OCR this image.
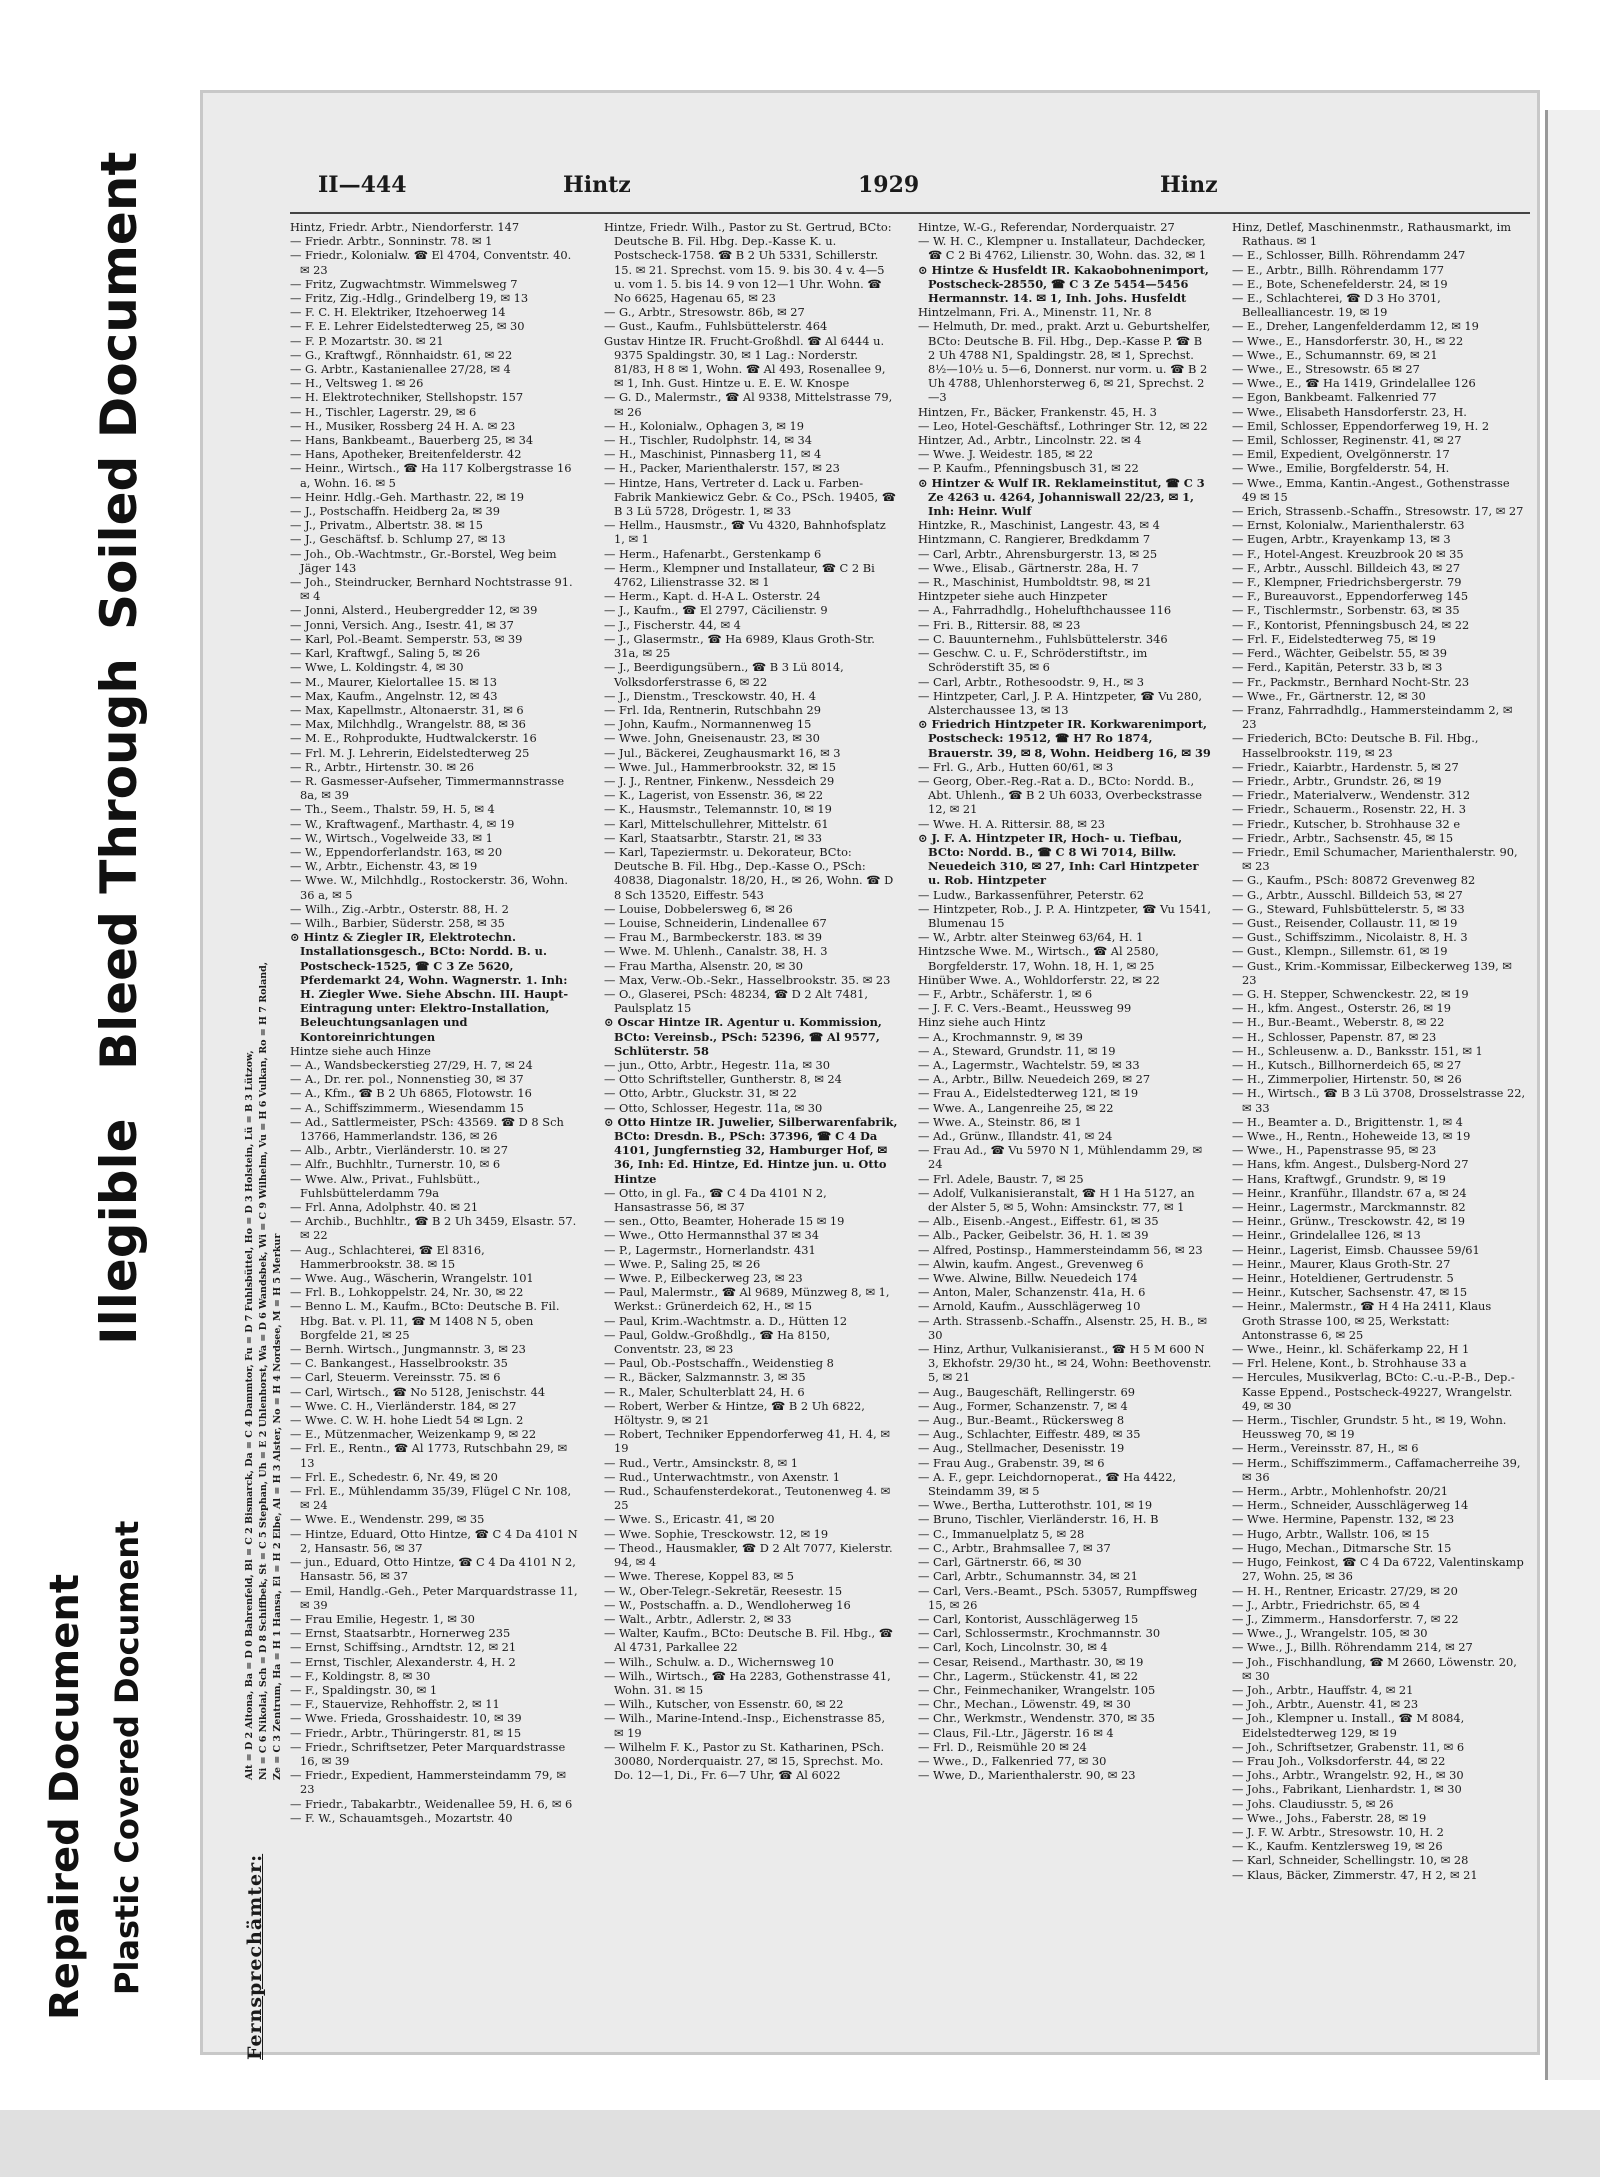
Repaired Document Plastic Covered Document
Illegible
Bleed Through
Soiled Document	II—444	Hintz	1929	Hinz
Fernsprechämter:
Alt = D 2 Altona, Ba = D 0 Bahrenfeld, Bl = C 2 Bismarck, Da = C 4 Dammtor, Fu = D 7 Fuhlsbüttel, Ho = D 3 Holstein, Lü = B 3 Lützow, Ni = C 6 Nikolai, Sch = D 8 Schiffbek, St = C 5 Stephan, Uh = E 2 Uhlenhorst, Wa = D 6 Wandsbek, Wi = C 9 Wilhelm, Vu = H 6 Vulkan, Ro = H 7 Roland, Ze = C 3 Zentrum, Ha = H 1 Hansa, El = H 2 Elbe, Al = H 3 Alster, No = H 4 Nordsee, M = H 5 Merkur

Hintz, Friedr. Arbtr., Niendorferstr. 147

— Friedr. Arbtr., Sonninstr. 78. ✉ 1

— Friedr., Kolonialw. ☎ El 4704, Conventstr. 40. ✉ 23

— Fritz, Zugwachtmstr. Wimmelsweg 7

— Fritz, Zig.-Hdlg., Grindelberg 19, ✉ 13

— F. C. H. Elektriker, Itzehoerweg 14

— F. E. Lehrer Eidelstedterweg 25, ✉ 30

— F. P. Mozartstr. 30. ✉ 21

— G., Kraftwgf., Rönnhaidstr. 61, ✉ 22

— G. Arbtr., Kastanienallee 27/28, ✉ 4

— H., Veltsweg 1. ✉ 26

— H. Elektrotechniker, Stellshopstr. 157

— H., Tischler, Lagerstr. 29, ✉ 6

— H., Musiker, Rossberg 24 H. A. ✉ 23

— Hans, Bankbeamt., Bauerberg 25, ✉ 34

— Hans, Apotheker, Breitenfelderstr. 42

— Heinr., Wirtsch., ☎ Ha 117 Kolbergstrasse 16 a, Wohn. 16. ✉ 5

— Heinr. Hdlg.-Geh. Marthastr. 22, ✉ 19

— J., Postschaffn. Heidberg 2a, ✉ 39

— J., Privatm., Albertstr. 38. ✉ 15

— J., Geschäftsf. b. Schlump 27, ✉ 13

— Joh., Ob.-Wachtmstr., Gr.-Borstel, Weg beim Jäger 143

— Joh., Steindrucker, Bernhard Nochtstrasse 91. ✉ 4

— Jonni, Alsterd., Heubergredder 12, ✉ 39

— Jonni, Versich. Ang., Isestr. 41, ✉ 37

— Karl, Pol.-Beamt. Semperstr. 53, ✉ 39

— Karl, Kraftwgf., Saling 5, ✉ 26

— Wwe, L. Koldingstr. 4, ✉ 30

— M., Maurer, Kielortallee 15. ✉ 13

— Max, Kaufm., Angelnstr. 12, ✉ 43

— Max, Kapellmstr., Altonaerstr. 31, ✉ 6

— Max, Milchhdlg., Wrangelstr. 88, ✉ 36

— M. E., Rohprodukte, Hudtwalckerstr. 16

— Frl. M. J. Lehrerin, Eidelstedterweg 25

— R., Arbtr., Hirtenstr. 30. ✉ 26

— R. Gasmesser-Aufseher, Timmermannstrasse 8a, ✉ 39

— Th., Seem., Thalstr. 59, H. 5, ✉ 4

— W., Kraftwagenf., Marthastr. 4, ✉ 19

— W., Wirtsch., Vogelweide 33, ✉ 1

— W., Eppendorferlandstr. 163, ✉ 20

— W., Arbtr., Eichenstr. 43, ✉ 19

— Wwe. W., Milchhdlg., Rostockerstr. 36, Wohn. 36 a, ✉ 5

— Wilh., Zig.-Arbtr., Osterstr. 88, H. 2

— Wilh., Barbier, Süderstr. 258, ✉ 35

⊙ Hintz & Ziegler IR, Elektrotechn. Installationsgesch., BCto: Nordd. B. u. Postscheck-1525, ☎ C 3 Ze 5620, Pferdemarkt 24, Wohn. Wagnerstr. 1. Inh: H. Ziegler Wwe. Siehe Abschn. III. Haupt-Eintragung unter: Elektro-Installation, Beleuchtungsanlagen und Kontoreinrichtungen

Hintze siehe auch Hinze

— A., Wandsbeckerstieg 27/29, H. 7, ✉ 24

— A., Dr. rer. pol., Nonnenstieg 30, ✉ 37

— A., Kfm., ☎ B 2 Uh 6865, Flotowstr. 16

— A., Schiffszimmerm., Wiesendamm 15

— Ad., Sattlermeister, PSch: 43569. ☎ D 8 Sch 13766, Hammerlandstr. 136, ✉ 26

— Alb., Arbtr., Vierländerstr. 10. ✉ 27

— Alfr., Buchhltr., Turnerstr. 10, ✉ 6

— Wwe. Alw., Privat., Fuhlsbütt., Fuhlsbüttelerdamm 79a

— Frl. Anna, Adolphstr. 40. ✉ 21

— Archib., Buchhltr., ☎ B 2 Uh 3459, Elsastr. 57. ✉ 22

— Aug., Schlachterei, ☎ El 8316, Hammerbrookstr. 38. ✉ 15

— Wwe. Aug., Wäscherin, Wrangelstr. 101

— Frl. B., Lohkoppelstr. 24, Nr. 30, ✉ 22

— Benno L. M., Kaufm., BCto: Deutsche B. Fil. Hbg. Bat. v. Pl. 11, ☎ M 1408 N 5, oben Borgfelde 21, ✉ 25

— Bernh. Wirtsch., Jungmannstr. 3, ✉ 23

— C. Bankangest., Hasselbrookstr. 35

— Carl, Steuerm. Vereinsstr. 75. ✉ 6

— Carl, Wirtsch., ☎ No 5128, Jenischstr. 44

— Wwe. C. H., Vierländerstr. 184, ✉ 27

— Wwe. C. W. H. hohe Liedt 54 ✉ Lgn. 2

— E., Mützenmacher, Weizenkamp 9, ✉ 22

— Frl. E., Rentn., ☎ Al 1773, Rutschbahn 29, ✉ 13

— Frl. E., Schedestr. 6, Nr. 49, ✉ 20

— Frl. E., Mühlendamm 35/39, Flügel C Nr. 108, ✉ 24

— Wwe. E., Wendenstr. 299, ✉ 35

— Hintze, Eduard, Otto Hintze, ☎ C 4 Da 4101 N 2, Hansastr. 56, ✉ 37

— jun., Eduard, Otto Hintze, ☎ C 4 Da 4101 N 2, Hansastr. 56, ✉ 37

— Emil, Handlg.-Geh., Peter Marquardstrasse 11, ✉ 39

— Frau Emilie, Hegestr. 1, ✉ 30

— Ernst, Staatsarbtr., Hornerweg 235

— Ernst, Schiffsing., Arndtstr. 12, ✉ 21

— Ernst, Tischler, Alexanderstr. 4, H. 2

— F., Koldingstr. 8, ✉ 30

— F., Spaldingstr. 30, ✉ 1

— F., Stauervize, Rehhoffstr. 2, ✉ 11

— Wwe. Frieda, Grosshaidestr. 10, ✉ 39

— Friedr., Arbtr., Thüringerstr. 81, ✉ 15

— Friedr., Schriftsetzer, Peter Marquardstrasse 16, ✉ 39

— Friedr., Expedient, Hammersteindamm 79, ✉ 23

— Friedr., Tabakarbtr., Weidenallee 59, H. 6, ✉ 6

— F. W., Schauamtsgeh., Mozartstr. 40

Hintze, Friedr. Wilh., Pastor zu St. Gertrud, BCto: Deutsche B. Fil. Hbg. Dep.-Kasse K. u. Postscheck-1758. ☎ B 2 Uh 5331, Schillerstr. 15. ✉ 21. Sprechst. vom 15. 9. bis 30. 4 v. 4—5 u. vom 1. 5. bis 14. 9 von 12—1 Uhr. Wohn. ☎ No 6625, Hagenau 65, ✉ 23

— G., Arbtr., Stresowstr. 86b, ✉ 27

— Gust., Kaufm., Fuhlsbüttelerstr. 464

Gustav Hintze IR. Frucht-Großhdl. ☎ Al 6444 u. 9375 Spaldingstr. 30, ✉ 1 Lag.: Norderstr. 81/83, H 8 ✉ 1, Wohn. ☎ Al 493, Rosenallee 9, ✉ 1, Inh. Gust. Hintze u. E. E. W. Knospe

— G. D., Malermstr., ☎ Al 9338, Mittelstrasse 79, ✉ 26

— H., Kolonialw., Ophagen 3, ✉ 19

— H., Tischler, Rudolphstr. 14, ✉ 34

— H., Maschinist, Pinnasberg 11, ✉ 4

— H., Packer, Marienthalerstr. 157, ✉ 23

— Hintze, Hans, Vertreter d. Lack u. Farben-Fabrik Mankiewicz Gebr. & Co., PSch. 19405, ☎ B 3 Lü 5728, Drögestr. 1, ✉ 33

— Hellm., Hausmstr., ☎ Vu 4320, Bahnhofsplatz 1, ✉ 1

— Herm., Hafenarbt., Gerstenkamp 6

— Herm., Klempner und Installateur, ☎ C 2 Bi 4762, Lilienstrasse 32. ✉ 1

— Herm., Kapt. d. H-A L. Osterstr. 24

— J., Kaufm., ☎ El 2797, Cäcilienstr. 9

— J., Fischerstr. 44, ✉ 4

— J., Glasermstr., ☎ Ha 6989, Klaus Groth-Str. 31a, ✉ 25

— J., Beerdigungsübern., ☎ B 3 Lü 8014, Volksdorferstrasse 6, ✉ 22

— J., Dienstm., Tresckowstr. 40, H. 4

— Frl. Ida, Rentnerin, Rutschbahn 29

— John, Kaufm., Normannenweg 15

— Wwe. John, Gneisenaustr. 23, ✉ 30

— Jul., Bäckerei, Zeughausmarkt 16, ✉ 3

— Wwe. Jul., Hammerbrookstr. 32, ✉ 15

— J. J., Rentner, Finkenw., Nessdeich 29

— K., Lagerist, von Essenstr. 36, ✉ 22

— K., Hausmstr., Telemannstr. 10, ✉ 19

— Karl, Mittelschullehrer, Mittelstr. 61

— Karl, Staatsarbtr., Starstr. 21, ✉ 33

— Karl, Tapeziermstr. u. Dekorateur, BCto: Deutsche B. Fil. Hbg., Dep.-Kasse O., PSch: 40838, Diagonalstr. 18/20, H., ✉ 26, Wohn. ☎ D 8 Sch 13520, Eiffestr. 543

— Louise, Dobbelersweg 6, ✉ 26

— Louise, Schneiderin, Lindenallee 67

— Frau M., Barmbeckerstr. 183. ✉ 39

— Wwe. M. Uhlenh., Canalstr. 38, H. 3

— Frau Martha, Alsenstr. 20, ✉ 30

— Max, Verw.-Ob.-Sekr., Hasselbrookstr. 35. ✉ 23

— O., Glaserei, PSch: 48234, ☎ D 2 Alt 7481, Paulsplatz 15

⊙ Oscar Hintze IR. Agentur u. Kommission, BCto: Vereinsb., PSch: 52396, ☎ Al 9577, Schlüterstr. 58

— jun., Otto, Arbtr., Hegestr. 11a, ✉ 30

— Otto Schriftsteller, Guntherstr. 8, ✉ 24

— Otto, Arbtr., Gluckstr. 31, ✉ 22

— Otto, Schlosser, Hegestr. 11a, ✉ 30

⊙ Otto Hintze IR. Juwelier, Silberwarenfabrik, BCto: Dresdn. B., PSch: 37396, ☎ C 4 Da 4101, Jungfernstieg 32, Hamburger Hof, ✉ 36, Inh: Ed. Hintze, Ed. Hintze jun. u. Otto Hintze

— Otto, in gl. Fa., ☎ C 4 Da 4101 N 2, Hansastrasse 56, ✉ 37

— sen., Otto, Beamter, Hoherade 15 ✉ 19

— Wwe., Otto Hermannsthal 37 ✉ 34

— P., Lagermstr., Hornerlandstr. 431

— Wwe. P., Saling 25, ✉ 26

— Wwe. P., Eilbeckerweg 23, ✉ 23

— Paul, Malermstr., ☎ Al 9689, Münzweg 8, ✉ 1, Werkst.: Grünerdeich 62, H., ✉ 15

— Paul, Krim.-Wachtmstr. a. D., Hütten 12

— Paul, Goldw.-Großhdlg., ☎ Ha 8150, Conventstr. 23, ✉ 23

— Paul, Ob.-Postschaffn., Weidenstieg 8

— R., Bäcker, Salzmannstr. 3, ✉ 35

— R., Maler, Schulterblatt 24, H. 6

— Robert, Werber & Hintze, ☎ B 2 Uh 6822, Höltystr. 9, ✉ 21

— Robert, Techniker Eppendorferweg 41, H. 4, ✉ 19

— Rud., Vertr., Amsinckstr. 8, ✉ 1

— Rud., Unterwachtmstr., von Axenstr. 1

— Rud., Schaufensterdekorat., Teutonenweg 4. ✉ 25

— Wwe. S., Ericastr. 41, ✉ 20

— Wwe. Sophie, Tresckowstr. 12, ✉ 19

— Theod., Hausmakler, ☎ D 2 Alt 7077, Kielerstr. 94, ✉ 4

— Wwe. Therese, Koppel 83, ✉ 5

— W., Ober-Telegr.-Sekretär, Reesestr. 15

— W., Postschaffn. a. D., Wendloherweg 16

— Walt., Arbtr., Adlerstr. 2, ✉ 33

— Walter, Kaufm., BCto: Deutsche B. Fil. Hbg., ☎ Al 4731, Parkallee 22

— Wilh., Schulw. a. D., Wichernsweg 10

— Wilh., Wirtsch., ☎ Ha 2283, Gothenstrasse 41, Wohn. 31. ✉ 15

— Wilh., Kutscher, von Essenstr. 60, ✉ 22

— Wilh., Marine-Intend.-Insp., Eichenstrasse 85, ✉ 19

— Wilhelm F. K., Pastor zu St. Katharinen, PSch. 30080, Norderquaistr. 27, ✉ 15, Sprechst. Mo. Do. 12—1, Di., Fr. 6—7 Uhr, ☎ Al 6022

Hintze, W.-G., Referendar, Norderquaistr. 27

— W. H. C., Klempner u. Installateur, Dachdecker, ☎ C 2 Bi 4762, Lilienstr. 30, Wohn. das. 32, ✉ 1

⊙ Hintze & Husfeldt IR. Kakaobohnenimport, Postscheck-28550, ☎ C 3 Ze 5454—5456 Hermannstr. 14. ✉ 1, Inh. Johs. Husfeldt

Hintzelmann, Fri. A., Minenstr. 11, Nr. 8

— Helmuth, Dr. med., prakt. Arzt u. Geburtshelfer, BCto: Deutsche B. Fil. Hbg., Dep.-Kasse P. ☎ B 2 Uh 4788 N1, Spaldingstr. 28, ✉ 1, Sprechst. 8½—10½ u. 5—6, Donnerst. nur vorm. u. ☎ B 2 Uh 4788, Uhlenhorsterweg 6, ✉ 21, Sprechst. 2—3

Hintzen, Fr., Bäcker, Frankenstr. 45, H. 3

— Leo, Hotel-Geschäftsf., Lothringer Str. 12, ✉ 22

Hintzer, Ad., Arbtr., Lincolnstr. 22. ✉ 4

— Wwe. J. Weidestr. 185, ✉ 22

— P. Kaufm., Pfenningsbusch 31, ✉ 22

⊙ Hintzer & Wulf IR. Reklameinstitut, ☎ C 3 Ze 4263 u. 4264, Johanniswall 22/23, ✉ 1, Inh: Heinr. Wulf

Hintzke, R., Maschinist, Langestr. 43, ✉ 4

Hintzmann, C. Rangierer, Bredkdamm 7

— Carl, Arbtr., Ahrensburgerstr. 13, ✉ 25

— Wwe., Elisab., Gärtnerstr. 28a, H. 7

— R., Maschinist, Humboldtstr. 98, ✉ 21

Hintzpeter siehe auch Hinzpeter

— A., Fahrradhdlg., Hohelufthchaussee 116

— Fri. B., Rittersir. 88, ✉ 23

— C. Bauunternehm., Fuhlsbüttelerstr. 346

— Geschw. C. u. F., Schröderstiftstr., im Schröderstift 35, ✉ 6

— Carl, Arbtr., Rothesoodstr. 9, H., ✉ 3

— Hintzpeter, Carl, J. P. A. Hintzpeter, ☎ Vu 280, Alsterchaussee 13, ✉ 13

⊙ Friedrich Hintzpeter IR. Korkwarenimport, Postscheck: 19512, ☎ H7 Ro 1874, Brauerstr. 39, ✉ 8, Wohn. Heidberg 16, ✉ 39

— Frl. G., Arb., Hutten 60/61, ✉ 3

— Georg, Ober.-Reg.-Rat a. D., BCto: Nordd. B., Abt. Uhlenh., ☎ B 2 Uh 6033, Overbeckstrasse 12, ✉ 21

— Wwe. H. A. Rittersir. 88, ✉ 23

⊙ J. F. A. Hintzpeter IR, Hoch- u. Tiefbau, BCto: Nordd. B., ☎ C 8 Wi 7014, Billw. Neuedeich 310, ✉ 27, Inh: Carl Hintzpeter u. Rob. Hintzpeter

— Ludw., Barkassenführer, Peterstr. 62

— Hintzpeter, Rob., J. P. A. Hintzpeter, ☎ Vu 1541, Blumenau 15

— W., Arbtr. alter Steinweg 63/64, H. 1

Hintzsche Wwe. M., Wirtsch., ☎ Al 2580, Borgfelderstr. 17, Wohn. 18, H. 1, ✉ 25

Hinüber Wwe. A., Wohldorferstr. 22, ✉ 22

— F., Arbtr., Schäferstr. 1, ✉ 6

— J. F. C. Vers.-Beamt., Heussweg 99

Hinz siehe auch Hintz

— A., Krochmannstr. 9, ✉ 39

— A., Steward, Grundstr. 11, ✉ 19

— A., Lagermstr., Wachtelstr. 59, ✉ 33

— A., Arbtr., Billw. Neuedeich 269, ✉ 27

— Frau A., Eidelstedterweg 121, ✉ 19

— Wwe. A., Langenreihe 25, ✉ 22

— Wwe. A., Steinstr. 86, ✉ 1

— Ad., Grünw., Illandstr. 41, ✉ 24

— Frau Ad., ☎ Vu 5970 N 1, Mühlendamm 29, ✉ 24

— Frl. Adele, Baustr. 7, ✉ 25

— Adolf, Vulkanisieranstalt, ☎ H 1 Ha 5127, an der Alster 5, ✉ 5, Wohn: Amsinckstr. 77, ✉ 1

— Alb., Eisenb.-Angest., Eiffestr. 61, ✉ 35

— Alb., Packer, Geibelstr. 36, H. 1. ✉ 39

— Alfred, Postinsp., Hammersteindamm 56, ✉ 23

— Alwin, kaufm. Angest., Grevenweg 6

— Wwe. Alwine, Billw. Neuedeich 174

— Anton, Maler, Schanzenstr. 41a, H. 6

— Arnold, Kaufm., Ausschlägerweg 10

— Arth. Strassenb.-Schaffn., Alsenstr. 25, H. B., ✉ 30

— Hinz, Arthur, Vulkanisieranst., ☎ H 5 M 600 N 3, Ekhofstr. 29/30 ht., ✉ 24, Wohn: Beethovenstr. 5, ✉ 21

— Aug., Baugeschäft, Rellingerstr. 69

— Aug., Former, Schanzenstr. 7, ✉ 4

— Aug., Bur.-Beamt., Rückersweg 8

— Aug., Schlachter, Eiffestr. 489, ✉ 35

— Aug., Stellmacher, Desenisstr. 19

— Frau Aug., Grabenstr. 39, ✉ 6

— A. F., gepr. Leichdornoperat., ☎ Ha 4422, Steindamm 39, ✉ 5

— Wwe., Bertha, Lutterothstr. 101, ✉ 19

— Bruno, Tischler, Vierländerstr. 16, H. B

— C., Immanuelplatz 5, ✉ 28

— C., Arbtr., Brahmsallee 7, ✉ 37

— Carl, Gärtnerstr. 66, ✉ 30

— Carl, Arbtr., Schumannstr. 34, ✉ 21

— Carl, Vers.-Beamt., PSch. 53057, Rumpffsweg 15, ✉ 26

— Carl, Kontorist, Ausschlägerweg 15

— Carl, Schlossermstr., Krochmannstr. 30

— Carl, Koch, Lincolnstr. 30, ✉ 4

— Cesar, Reisend., Marthastr. 30, ✉ 19

— Chr., Lagerm., Stückenstr. 41, ✉ 22

— Chr., Feinmechaniker, Wrangelstr. 105

— Chr., Mechan., Löwenstr. 49, ✉ 30

— Chr., Werkmstr., Wendenstr. 370, ✉ 35

— Claus, Fil.-Ltr., Jägerstr. 16 ✉ 4

— Frl. D., Reismühle 20 ✉ 24

— Wwe., D., Falkenried 77, ✉ 30

— Wwe, D., Marienthalerstr. 90, ✉ 23

Hinz, Detlef, Maschinenmstr., Rathausmarkt, im Rathaus. ✉ 1

— E., Schlosser, Billh. Röhrendamm 247

— E., Arbtr., Billh. Röhrendamm 177

— E., Bote, Schenefelderstr. 24, ✉ 19

— E., Schlachterei, ☎ D 3 Ho 3701, Bellealliancestr. 19, ✉ 19

— E., Dreher, Langenfelderdamm 12, ✉ 19

— Wwe., E., Hansdorferstr. 30, H., ✉ 22

— Wwe., E., Schumannstr. 69, ✉ 21

— Wwe., E., Stresowstr. 65 ✉ 27

— Wwe., E., ☎ Ha 1419, Grindelallee 126

— Egon, Bankbeamt. Falkenried 77

— Wwe., Elisabeth Hansdorferstr. 23, H.

— Emil, Schlosser, Eppendorferweg 19, H. 2

— Emil, Schlosser, Reginenstr. 41, ✉ 27

— Emil, Expedient, Ovelgönnerstr. 17

— Wwe., Emilie, Borgfelderstr. 54, H.

— Wwe., Emma, Kantin.-Angest., Gothenstrasse 49 ✉ 15

— Erich, Strassenb.-Schaffn., Stresowstr. 17, ✉ 27

— Ernst, Kolonialw., Marienthalerstr. 63

— Eugen, Arbtr., Krayenkamp 13, ✉ 3

— F., Hotel-Angest. Kreuzbrook 20 ✉ 35

— F., Arbtr., Ausschl. Billdeich 43, ✉ 27

— F., Klempner, Friedrichsbergerstr. 79

— F., Bureauvorst., Eppendorferweg 145

— F., Tischlermstr., Sorbenstr. 63, ✉ 35

— F., Kontorist, Pfenningsbusch 24, ✉ 22

— Frl. F., Eidelstedterweg 75, ✉ 19

— Ferd., Wächter, Geibelstr. 55, ✉ 39

— Ferd., Kapitän, Peterstr. 33 b, ✉ 3

— Fr., Packmstr., Bernhard Nocht-Str. 23

— Wwe., Fr., Gärtnerstr. 12, ✉ 30

— Franz, Fahrradhdlg., Hammersteindamm 2, ✉ 23

— Friederich, BCto: Deutsche B. Fil. Hbg., Hasselbrookstr. 119, ✉ 23

— Friedr., Kaiarbtr., Hardenstr. 5, ✉ 27

— Friedr., Arbtr., Grundstr. 26, ✉ 19

— Friedr., Materialverw., Wendenstr. 312

— Friedr., Schauerm., Rosenstr. 22, H. 3

— Friedr., Kutscher, b. Strohhause 32 e

— Friedr., Arbtr., Sachsenstr. 45, ✉ 15

— Friedr., Emil Schumacher, Marienthalerstr. 90, ✉ 23

— G., Kaufm., PSch: 80872 Grevenweg 82

— G., Arbtr., Ausschl. Billdeich 53, ✉ 27

— G., Steward, Fuhlsbüttelerstr. 5, ✉ 33

— Gust., Reisender, Collaustr. 11, ✉ 19

— Gust., Schiffszimm., Nicolaistr. 8, H. 3

— Gust., Klempn., Sillemstr. 61, ✉ 19

— Gust., Krim.-Kommissar, Eilbeckerweg 139, ✉ 23

— G. H. Stepper, Schwenckestr. 22, ✉ 19

— H., kfm. Angest., Osterstr. 26, ✉ 19

— H., Bur.-Beamt., Weberstr. 8, ✉ 22

— H., Schlosser, Papenstr. 87, ✉ 23

— H., Schleusenw. a. D., Banksstr. 151, ✉ 1

— H., Kutsch., Billhornerdeich 65, ✉ 27

— H., Zimmerpolier, Hirtenstr. 50, ✉ 26

— H., Wirtsch., ☎ B 3 Lü 3708, Drosselstrasse 22, ✉ 33

— H., Beamter a. D., Brigittenstr. 1, ✉ 4

— Wwe., H., Rentn., Hoheweide 13, ✉ 19

— Wwe., H., Papenstrasse 95, ✉ 23

— Hans, kfm. Angest., Dulsberg-Nord 27

— Hans, Kraftwgf., Grundstr. 9, ✉ 19

— Heinr., Kranführ., Illandstr. 67 a, ✉ 24

— Heinr., Lagermstr., Marckmannstr. 82

— Heinr., Grünw., Tresckowstr. 42, ✉ 19

— Heinr., Grindelallee 126, ✉ 13

— Heinr., Lagerist, Eimsb. Chaussee 59/61

— Heinr., Maurer, Klaus Groth-Str. 27

— Heinr., Hoteldiener, Gertrudenstr. 5

— Heinr., Kutscher, Sachsenstr. 47, ✉ 15

— Heinr., Malermstr., ☎ H 4 Ha 2411, Klaus Groth Strasse 100, ✉ 25, Werkstatt: Antonstrasse 6, ✉ 25

— Wwe., Heinr., kl. Schäferkamp 22, H 1

— Frl. Helene, Kont., b. Strohhause 33 a

— Hercules, Musikverlag, BCto: C.-u.-P.-B., Dep.-Kasse Eppend., Postscheck-49227, Wrangelstr. 49, ✉ 30

— Herm., Tischler, Grundstr. 5 ht., ✉ 19, Wohn. Heussweg 70, ✉ 19

— Herm., Vereinsstr. 87, H., ✉ 6

— Herm., Schiffszimmerm., Caffamacherreihe 39, ✉ 36

— Herm., Arbtr., Mohlenhofstr. 20/21

— Herm., Schneider, Ausschlägerweg 14

— Wwe. Hermine, Papenstr. 132, ✉ 23

— Hugo, Arbtr., Wallstr. 106, ✉ 15

— Hugo, Mechan., Ditmarsche Str. 15

— Hugo, Feinkost, ☎ C 4 Da 6722, Valentinskamp 27, Wohn. 25, ✉ 36

— H. H., Rentner, Ericastr. 27/29, ✉ 20

— J., Arbtr., Friedrichstr. 65, ✉ 4

— J., Zimmerm., Hansdorferstr. 7, ✉ 22

— Wwe., J., Wrangelstr. 105, ✉ 30

— Wwe., J., Billh. Röhrendamm 214, ✉ 27

— Joh., Fischhandlung, ☎ M 2660, Löwenstr. 20, ✉ 30

— Joh., Arbtr., Hauffstr. 4, ✉ 21

— Joh., Arbtr., Auenstr. 41, ✉ 23

— Joh., Klempner u. Install., ☎ M 8084, Eidelstedterweg 129, ✉ 19

— Joh., Schriftsetzer, Grabenstr. 11, ✉ 6

— Frau Joh., Volksdorferstr. 44, ✉ 22

— Johs., Arbtr., Wrangelstr. 92, H., ✉ 30

— Johs., Fabrikant, Lienhardstr. 1, ✉ 30

— Johs. Claudiusstr. 5, ✉ 26

— Wwe., Johs., Faberstr. 28, ✉ 19

— J. F. W. Arbtr., Stresowstr. 10, H. 2

— K., Kaufm. Kentzlersweg 19, ✉ 26

— Karl, Schneider, Schellingstr. 10, ✉ 28

— Klaus, Bäcker, Zimmerstr. 47, H 2, ✉ 21
